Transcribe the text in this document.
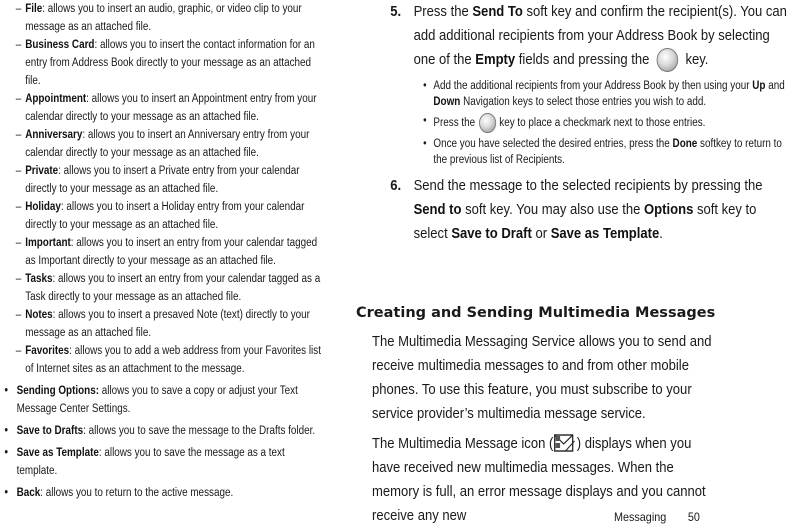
– File: allows you to insert an audio, graphic, or video clip to your message as an attached file.
– Business Card: allows you to insert the contact information for an entry from Address Book directly to your message as an attached file.
– Appointment: allows you to insert an Appointment entry from your calendar directly to your message as an attached file.
– Anniversary: allows you to insert an Anniversary entry from your calendar directly to your message as an attached file.
– Private: allows you to insert a Private entry from your calendar directly to your message as an attached file.
– Holiday: allows you to insert a Holiday entry from your calendar directly to your message as an attached file.
– Important: allows you to insert an entry from your calendar tagged as Important directly to your message as an attached file.
– Tasks: allows you to insert an entry from your calendar tagged as a Task directly to your message as an attached file.
– Notes: allows you to insert a presaved Note (text) directly to your message as an attached file.
– Favorites: allows you to add a web address from your Favorites list of Internet sites as an attachment to the message.
• Sending Options: allows you to save a copy or adjust your Text Message Center Settings.
• Save to Drafts: allows you to save the message to the Drafts folder.
• Save as Template: allows you to save the message as a text template.
• Back: allows you to return to the active message.
5. Press the Send To soft key and confirm the recipient(s). You can add additional recipients from your Address Book by selecting one of the Empty fields and pressing the key.
• Add the additional recipients from your Address Book by then using your Up and Down Navigation keys to select those entries you wish to add.
• Press the key to place a checkmark next to those entries.
• Once you have selected the desired entries, press the Done softkey to return to the previous list of Recipients.
6. Send the message to the selected recipients by pressing the Send to soft key. You may also use the Options soft key to select Save to Draft or Save as Template.
Creating and Sending Multimedia Messages
The Multimedia Messaging Service allows you to send and receive multimedia messages to and from other mobile phones. To use this feature, you must subscribe to your service provider’s multimedia message service.
The Multimedia Message icon ( ) displays when you have received new multimedia messages. When the memory is full, an error message displays and you cannot receive any new	Messaging 50
